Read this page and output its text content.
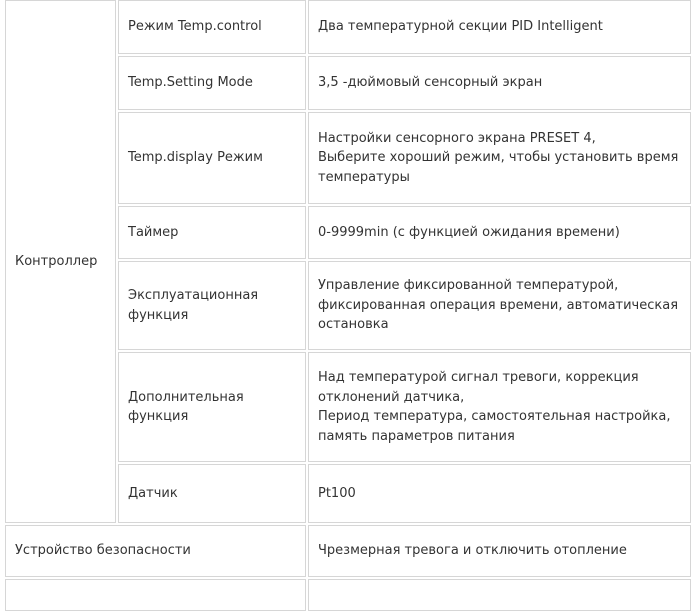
Контроллер	Режим Temp.control	Два температурной секции PID Intelligent
	Temp.Setting Mode	3,5 -дюймовый сенсорный экран
	Temp.display Режим	Настройки сенсорного экрана PRESET 4,
Выберите хороший режим, чтобы установить время температуры
	Таймер	0-9999min (с функцией ожидания времени)
	Эксплуатационная функция	Управление фиксированной температурой, фиксированная операция времени, автоматическая остановка
	Дополнительная функция	Над температурой сигнал тревоги, коррекция отклонений датчика,
Период температура, самостоятельная настройка, память параметров питания
	Датчик	Pt100
Устройство безопасности		Чрезмерная тревога и отключить отопление
